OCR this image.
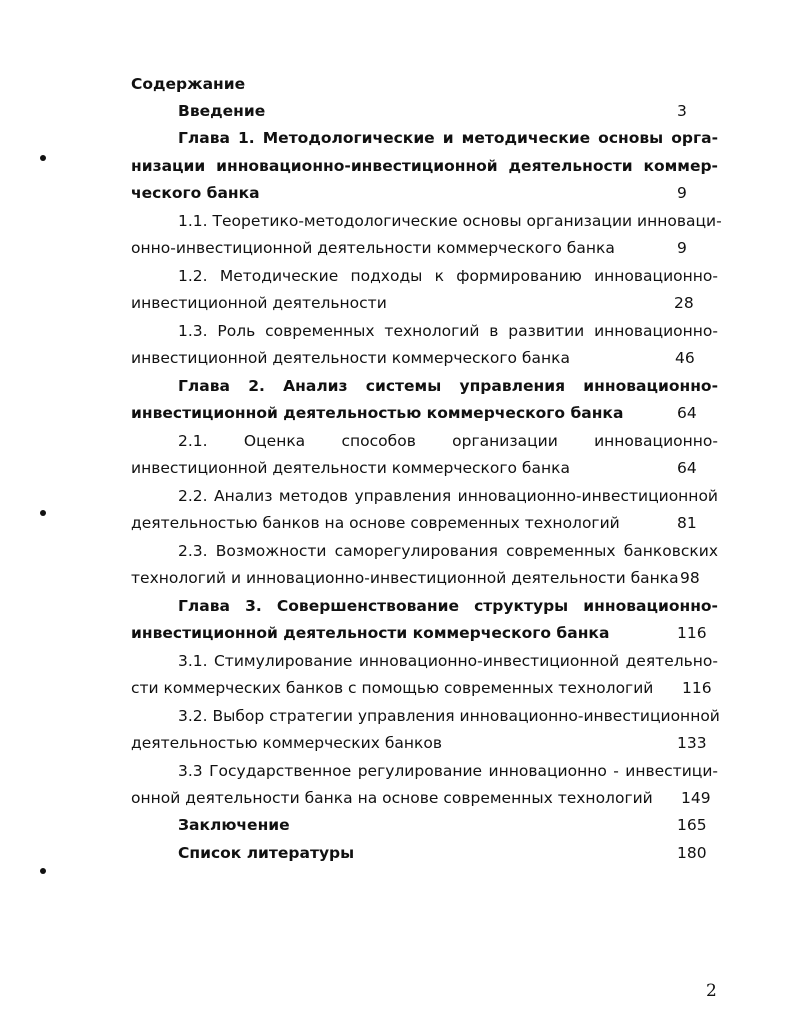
Содержание
Введение	3
Глава 1. Методологические и методические основы орга-
низации инновационно-инвестиционной деятельности коммер-
ческого банка	9
1.1. Теоретико-методологические основы организации инноваци-
онно-инвестиционной деятельности коммерческого банка	9
1.2. Методические подходы к формированию инновационно-
инвестиционной деятельности	28
1.3. Роль современных технологий в развитии инновационно-
инвестиционной деятельности коммерческого банка	46
Глава 2. Анализ системы управления инновационно-
инвестиционной деятельностью коммерческого банка	64
2.1. Оценка способов организации инновационно-
инвестиционной деятельности коммерческого банка	64
2.2. Анализ методов управления инновационно-инвестиционной
деятельностью банков на основе современных технологий	81
2.3. Возможности саморегулирования современных банковских
технологий и инновационно-инвестиционной деятельности банка 98
Глава 3. Совершенствование структуры инновационно-
инвестиционной деятельности коммерческого банка	116
3.1. Стимулирование инновационно-инвестиционной деятельно-
сти коммерческих банков с помощью современных технологий	116
3.2. Выбор стратегии управления инновационно-инвестиционной
деятельностью коммерческих банков	133
3.3 Государственное регулирование инновационно - инвестици-
онной деятельности банка на основе современных технологий	149
Заключение	165
Список литературы	180
2
